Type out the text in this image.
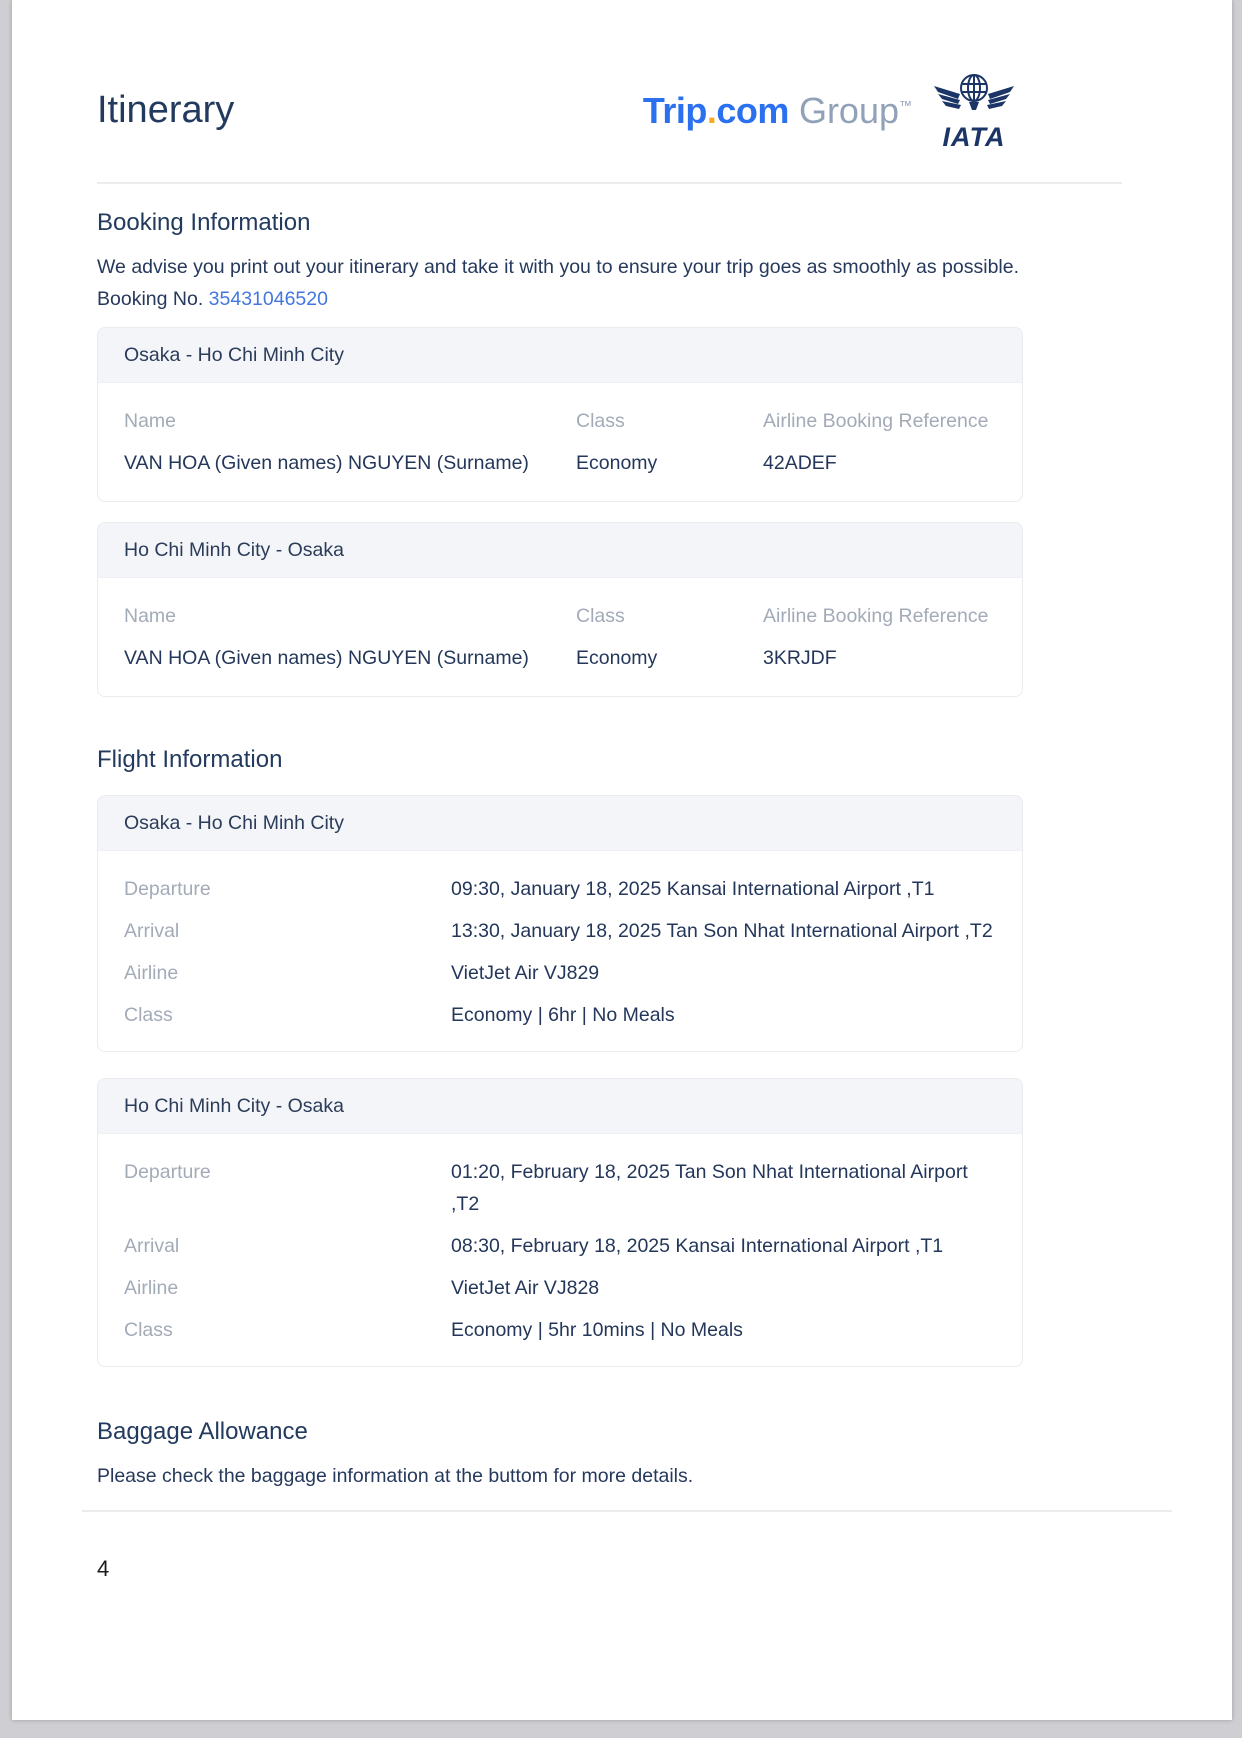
Itinerary	Trip.com Group™
IATA
Booking Information
We advise you print out your itinerary and take it with you to ensure your trip goes as smoothly as possible.
Booking No. 35431046520
Osaka - Ho Chi Minh City
Name	Class	Airline Booking Reference
VAN HOA (Given names) NGUYEN (Surname)	Economy	42ADEF
Ho Chi Minh City - Osaka
Name	Class	Airline Booking Reference
VAN HOA (Given names) NGUYEN (Surname)	Economy	3KRJDF
Flight Information
Osaka - Ho Chi Minh City
Departure	09:30, January 18, 2025 Kansai International Airport ,T1
Arrival	13:30, January 18, 2025 Tan Son Nhat International Airport ,T2
Airline	VietJet Air VJ829
Class	Economy | 6hr | No Meals
Ho Chi Minh City - Osaka
Departure	01:20, February 18, 2025 Tan Son Nhat International Airport ,T2
Arrival	08:30, February 18, 2025 Kansai International Airport ,T1
Airline	VietJet Air VJ828
Class	Economy | 5hr 10mins | No Meals
Baggage Allowance
Please check the baggage information at the buttom for more details.
4
